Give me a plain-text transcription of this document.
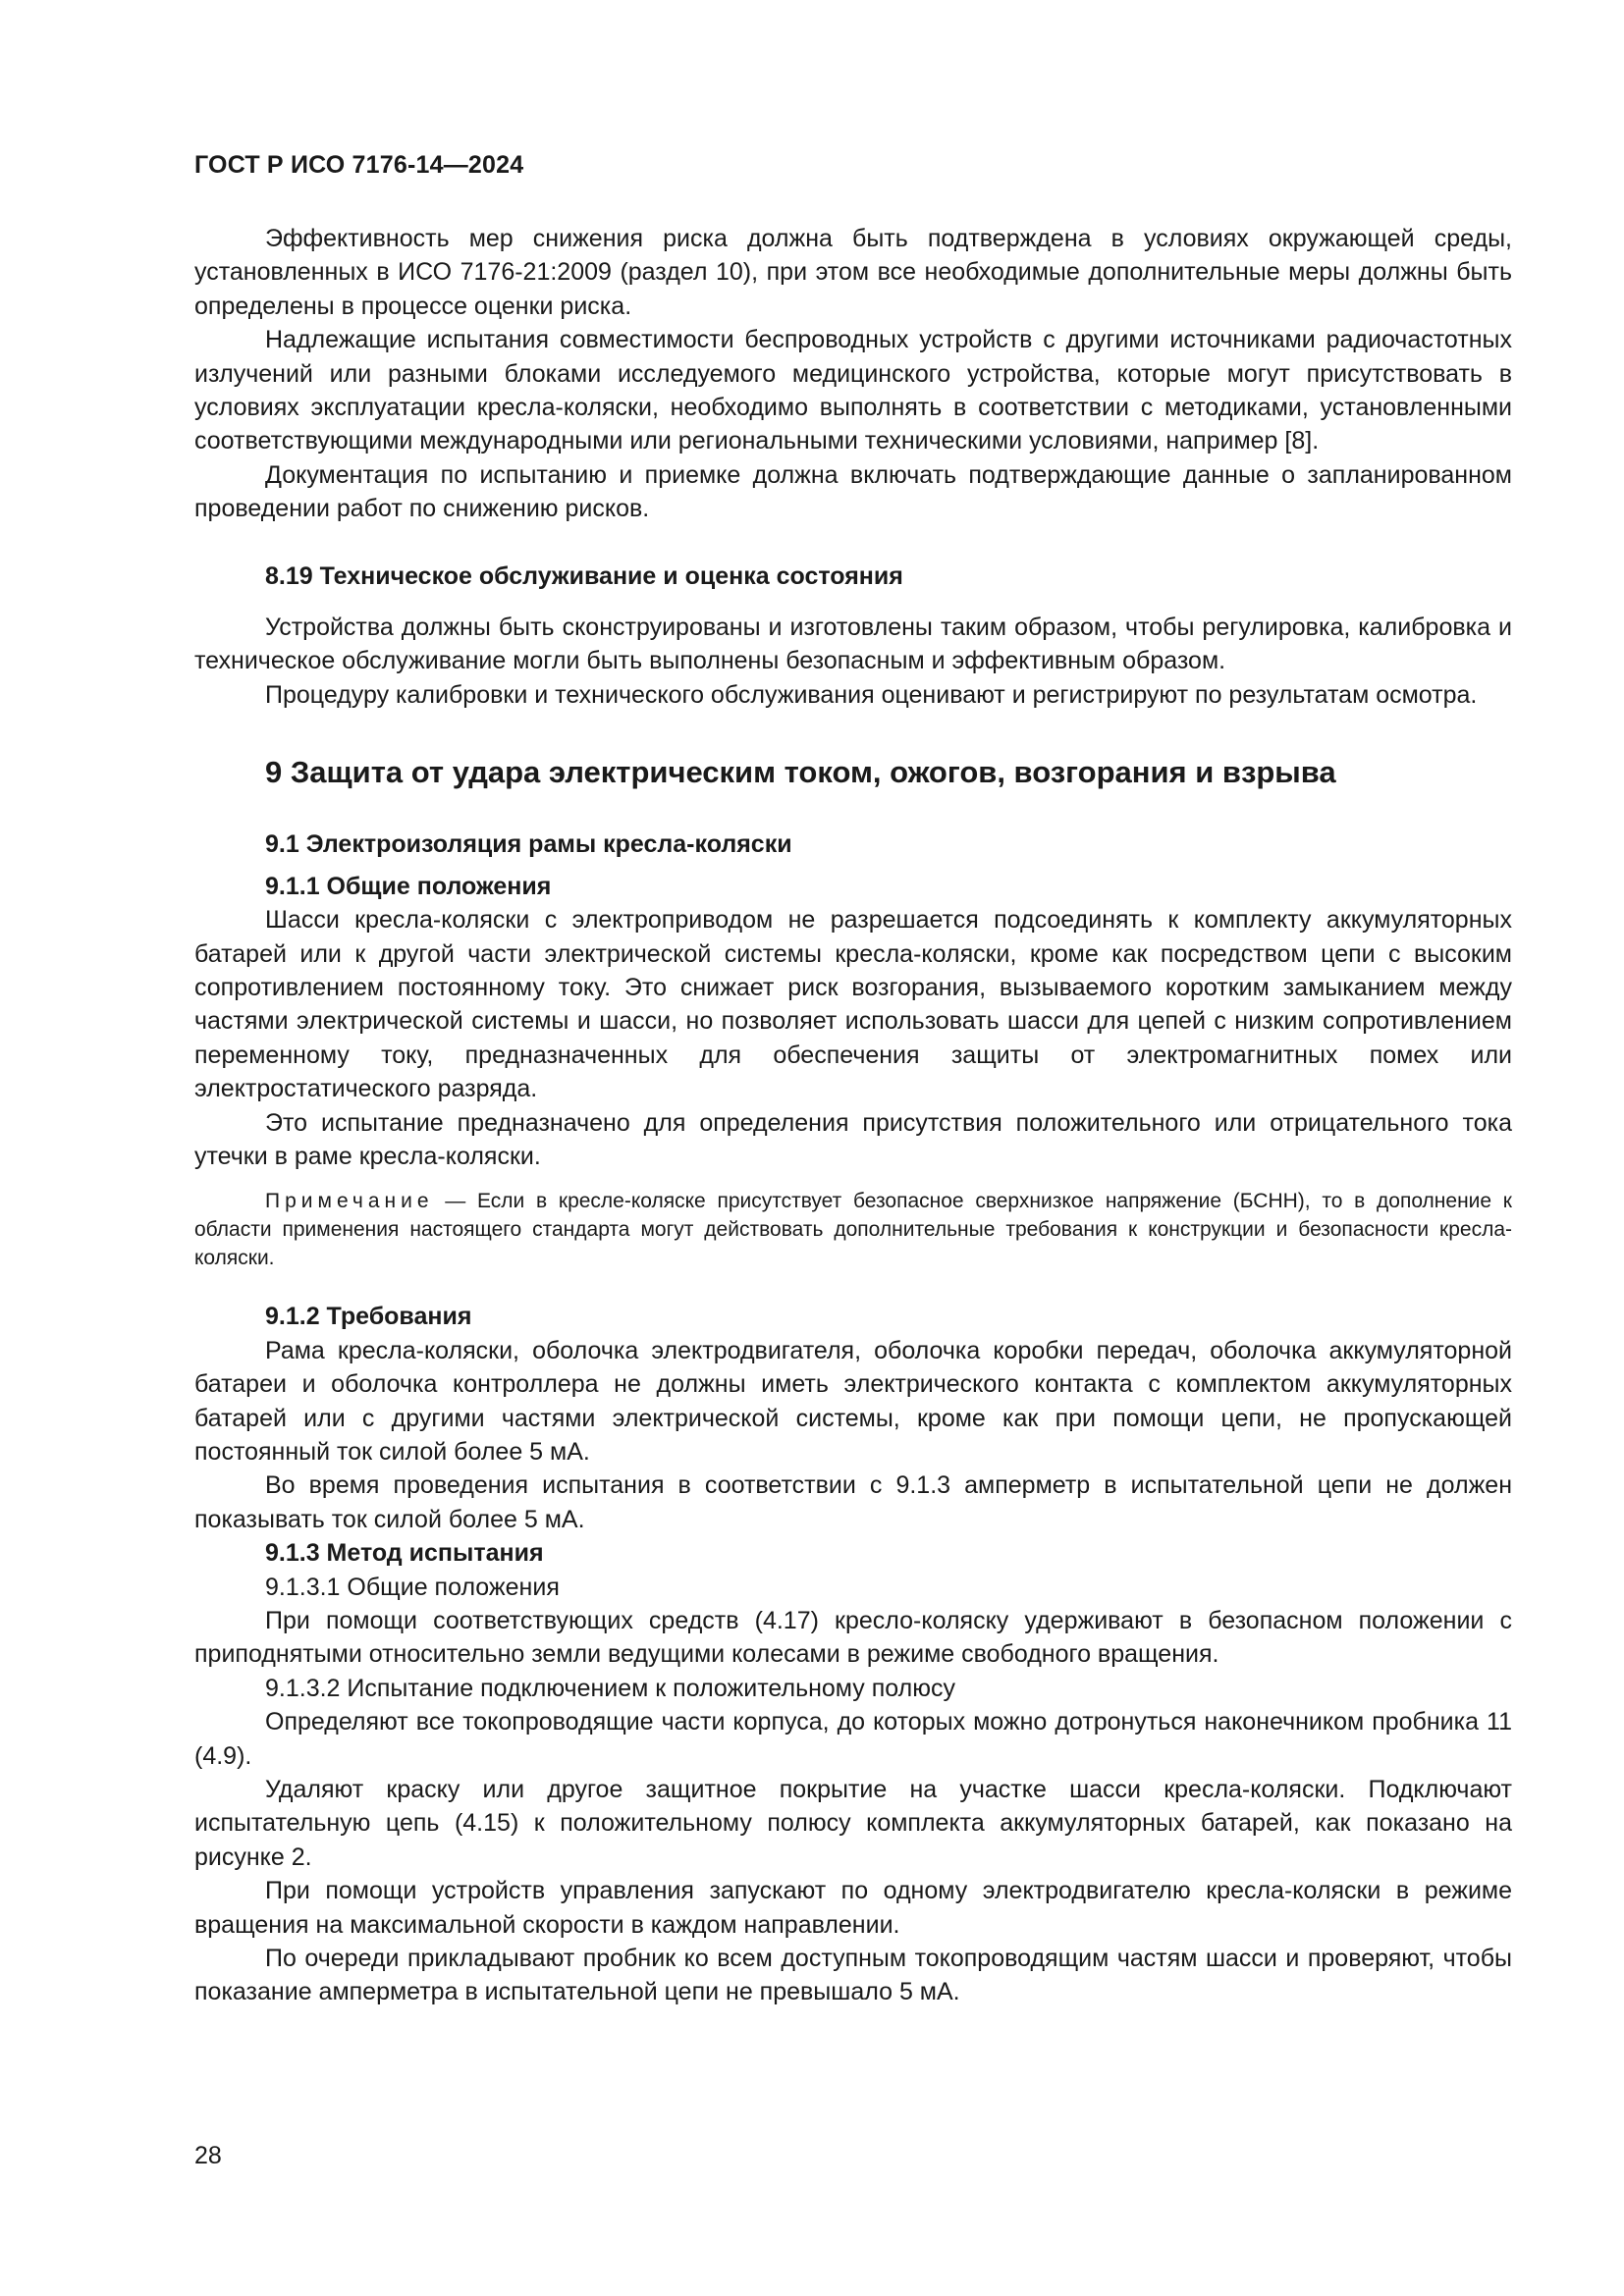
ГОСТ Р ИСО 7176-14—2024

Эффективность мер снижения риска должна быть подтверждена в условиях окружающей среды, установленных в ИСО 7176-21:2009 (раздел 10), при этом все необходимые дополнительные меры должны быть определены в процессе оценки риска.

Надлежащие испытания совместимости беспроводных устройств с другими источниками радиочастотных излучений или разными блоками исследуемого медицинского устройства, которые могут присутствовать в условиях эксплуатации кресла-коляски, необходимо выполнять в соответствии с методиками, установленными соответствующими международными или региональными техническими условиями, например [8].

Документация по испытанию и приемке должна включать подтверждающие данные о запланированном проведении работ по снижению рисков.

8.19 Техническое обслуживание и оценка состояния

Устройства должны быть сконструированы и изготовлены таким образом, чтобы регулировка, калибровка и техническое обслуживание могли быть выполнены безопасным и эффективным образом.

Процедуру калибровки и технического обслуживания оценивают и регистрируют по результатам осмотра.

9 Защита от удара электрическим током, ожогов, возгорания и взрыва
9.1 Электроизоляция рамы кресла-коляски
9.1.1 Общие положения

Шасси кресла-коляски с электроприводом не разрешается подсоединять к комплекту аккумуляторных батарей или к другой части электрической системы кресла-коляски, кроме как посредством цепи с высоким сопротивлением постоянному току. Это снижает риск возгорания, вызываемого коротким замыканием между частями электрической системы и шасси, но позволяет использовать шасси для цепей с низким сопротивлением переменному току, предназначенных для обеспечения защиты от электромагнитных помех или электростатического разряда.

Это испытание предназначено для определения присутствия положительного или отрицательного тока утечки в раме кресла-коляски.

Примечание — Если в кресле-коляске присутствует безопасное сверхнизкое напряжение (БСНН), то в дополнение к области применения настоящего стандарта могут действовать дополнительные требования к конструкции и безопасности кресла-коляски.

9.1.2 Требования

Рама кресла-коляски, оболочка электродвигателя, оболочка коробки передач, оболочка аккумуляторной батареи и оболочка контроллера не должны иметь электрического контакта с комплектом аккумуляторных батарей или с другими частями электрической системы, кроме как при помощи цепи, не пропускающей постоянный ток силой более 5 мА.

Во время проведения испытания в соответствии с 9.1.3 амперметр в испытательной цепи не должен показывать ток силой более 5 мА.

9.1.3 Метод испытания

9.1.3.1 Общие положения

При помощи соответствующих средств (4.17) кресло-коляску удерживают в безопасном положении с приподнятыми относительно земли ведущими колесами в режиме свободного вращения.

9.1.3.2 Испытание подключением к положительному полюсу

Определяют все токопроводящие части корпуса, до которых можно дотронуться наконечником пробника 11 (4.9).

Удаляют краску или другое защитное покрытие на участке шасси кресла-коляски. Подключают испытательную цепь (4.15) к положительному полюсу комплекта аккумуляторных батарей, как показано на рисунке 2.

При помощи устройств управления запускают по одному электродвигателю кресла-коляски в режиме вращения на максимальной скорости в каждом направлении.

По очереди прикладывают пробник ко всем доступным токопроводящим частям шасси и проверяют, чтобы показание амперметра в испытательной цепи не превышало 5 мА.

28
